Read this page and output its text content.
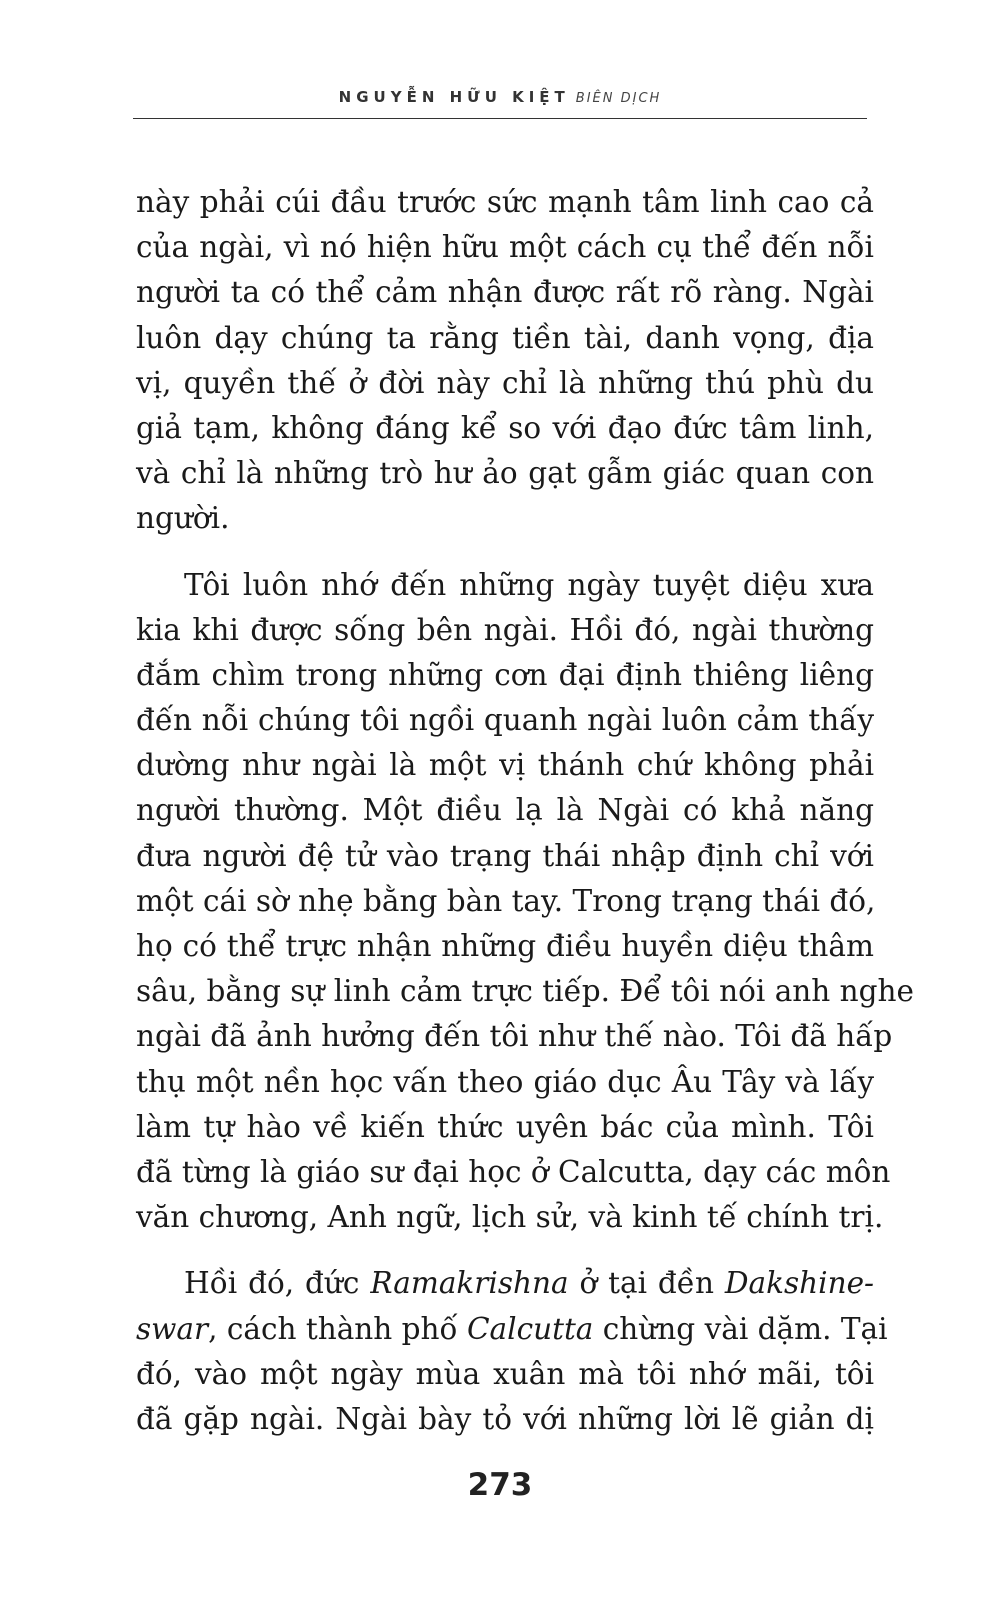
NGUYỄN HỮU KIỆT BIÊN DỊCH
này phải cúi đầu trước sức mạnh tâm linh cao cả
của ngài, vì nó hiện hữu một cách cụ thể đến nỗi
người ta có thể cảm nhận được rất rõ ràng. Ngài
luôn dạy chúng ta rằng tiền tài, danh vọng, địa
vị, quyền thế ở đời này chỉ là những thú phù du
giả tạm, không đáng kể so với đạo đức tâm linh,
và chỉ là những trò hư ảo gạt gẫm giác quan con
người.
Tôi luôn nhớ đến những ngày tuyệt diệu xưa
kia khi được sống bên ngài. Hồi đó, ngài thường
đắm chìm trong những cơn đại định thiêng liêng
đến nỗi chúng tôi ngồi quanh ngài luôn cảm thấy
dường như ngài là một vị thánh chứ không phải
người thường. Một điều lạ là Ngài có khả năng
đưa người đệ tử vào trạng thái nhập định chỉ với
một cái sờ nhẹ bằng bàn tay. Trong trạng thái đó,
họ có thể trực nhận những điều huyền diệu thâm
sâu, bằng sự linh cảm trực tiếp. Để tôi nói anh nghe
ngài đã ảnh hưởng đến tôi như thế nào. Tôi đã hấp
thụ một nền học vấn theo giáo dục Âu Tây và lấy
làm tự hào về kiến thức uyên bác của mình. Tôi
đã từng là giáo sư đại học ở Calcutta, dạy các môn
văn chương, Anh ngữ, lịch sử, và kinh tế chính trị.
Hồi đó, đức Ramakrishna ở tại đền Dakshine-
swar, cách thành phố Calcutta chừng vài dặm. Tại
đó, vào một ngày mùa xuân mà tôi nhớ mãi, tôi
đã gặp ngài. Ngài bày tỏ với những lời lẽ giản dị
273
